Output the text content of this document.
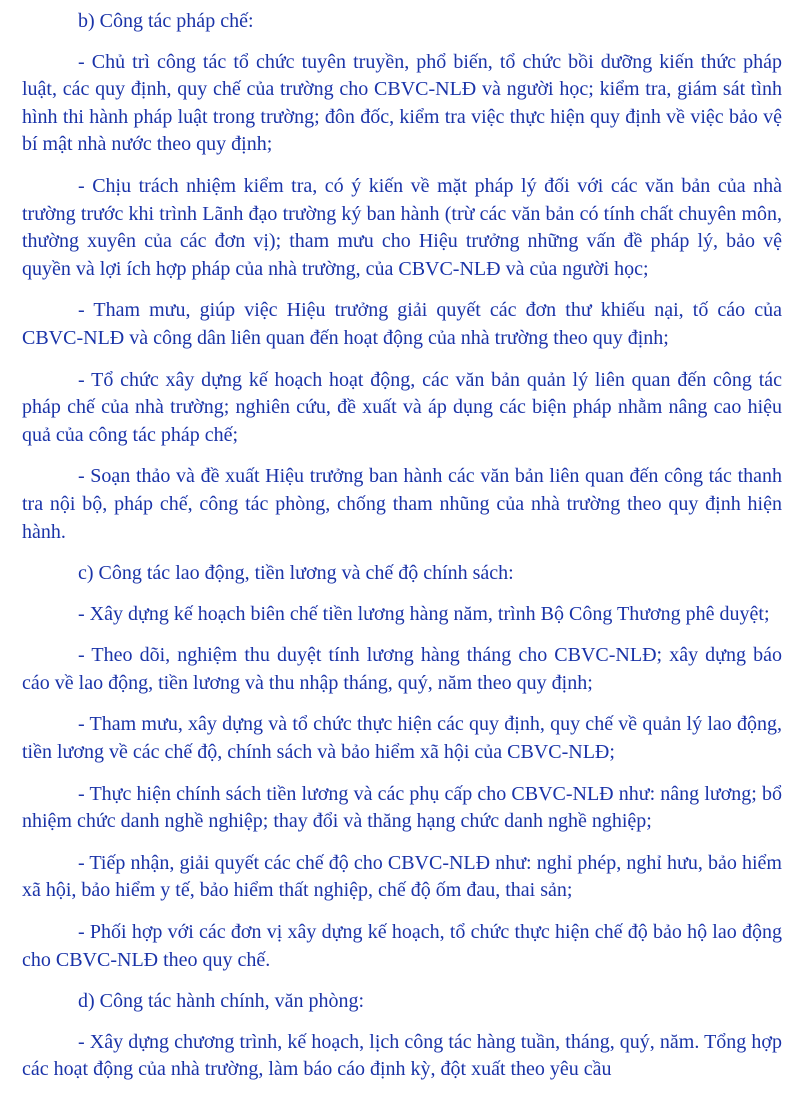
b) Công tác pháp chế:

- Chủ trì công tác tổ chức tuyên truyền, phổ biến, tổ chức bồi dưỡng kiến thức pháp luật, các quy định, quy chế của trường cho CBVC-NLĐ và người học; kiểm tra, giám sát tình hình thi hành pháp luật trong trường; đôn đốc, kiểm tra việc thực hiện quy định về việc bảo vệ bí mật nhà nước theo quy định;

- Chịu trách nhiệm kiểm tra, có ý kiến về mặt pháp lý đối với các văn bản của nhà trường trước khi trình Lãnh đạo trường ký ban hành (trừ các văn bản có tính chất chuyên môn, thường xuyên của các đơn vị); tham mưu cho Hiệu trưởng những vấn đề pháp lý, bảo vệ quyền và lợi ích hợp pháp của nhà trường, của CBVC-NLĐ và của người học;

- Tham mưu, giúp việc Hiệu trưởng giải quyết các đơn thư khiếu nại, tố cáo của CBVC-NLĐ và công dân liên quan đến hoạt động của nhà trường theo quy định;

- Tổ chức xây dựng kế hoạch hoạt động, các văn bản quản lý liên quan đến công tác pháp chế của nhà trường; nghiên cứu, đề xuất và áp dụng các biện pháp nhằm nâng cao hiệu quả của công tác pháp chế;

- Soạn thảo và đề xuất Hiệu trưởng ban hành các văn bản liên quan đến công tác thanh tra nội bộ, pháp chế, công tác phòng, chống tham nhũng của nhà trường theo quy định hiện hành.

c) Công tác lao động, tiền lương và chế độ chính sách:

- Xây dựng kế hoạch biên chế tiền lương hàng năm, trình Bộ Công Thương phê duyệt;

- Theo dõi, nghiệm thu duyệt tính lương hàng tháng cho CBVC-NLĐ; xây dựng báo cáo về lao động, tiền lương và thu nhập tháng, quý, năm theo quy định;

- Tham mưu, xây dựng và tổ chức thực hiện các quy định, quy chế về quản lý lao động, tiền lương về các chế độ, chính sách và bảo hiểm xã hội của CBVC-NLĐ;

- Thực hiện chính sách tiền lương và các phụ cấp cho CBVC-NLĐ như: nâng lương; bổ nhiệm chức danh nghề nghiệp; thay đổi và thăng hạng chức danh nghề nghiệp;

- Tiếp nhận, giải quyết các chế độ cho CBVC-NLĐ như: nghỉ phép, nghỉ hưu, bảo hiểm xã hội, bảo hiểm y tế, bảo hiểm thất nghiệp, chế độ ốm đau, thai sản;

- Phối hợp với các đơn vị xây dựng kế hoạch, tổ chức thực hiện chế độ bảo hộ lao động cho CBVC-NLĐ theo quy chế.

d) Công tác hành chính, văn phòng:

- Xây dựng chương trình, kế hoạch, lịch công tác hàng tuần, tháng, quý, năm. Tổng hợp các hoạt động của nhà trường, làm báo cáo định kỳ, đột xuất theo yêu cầu
